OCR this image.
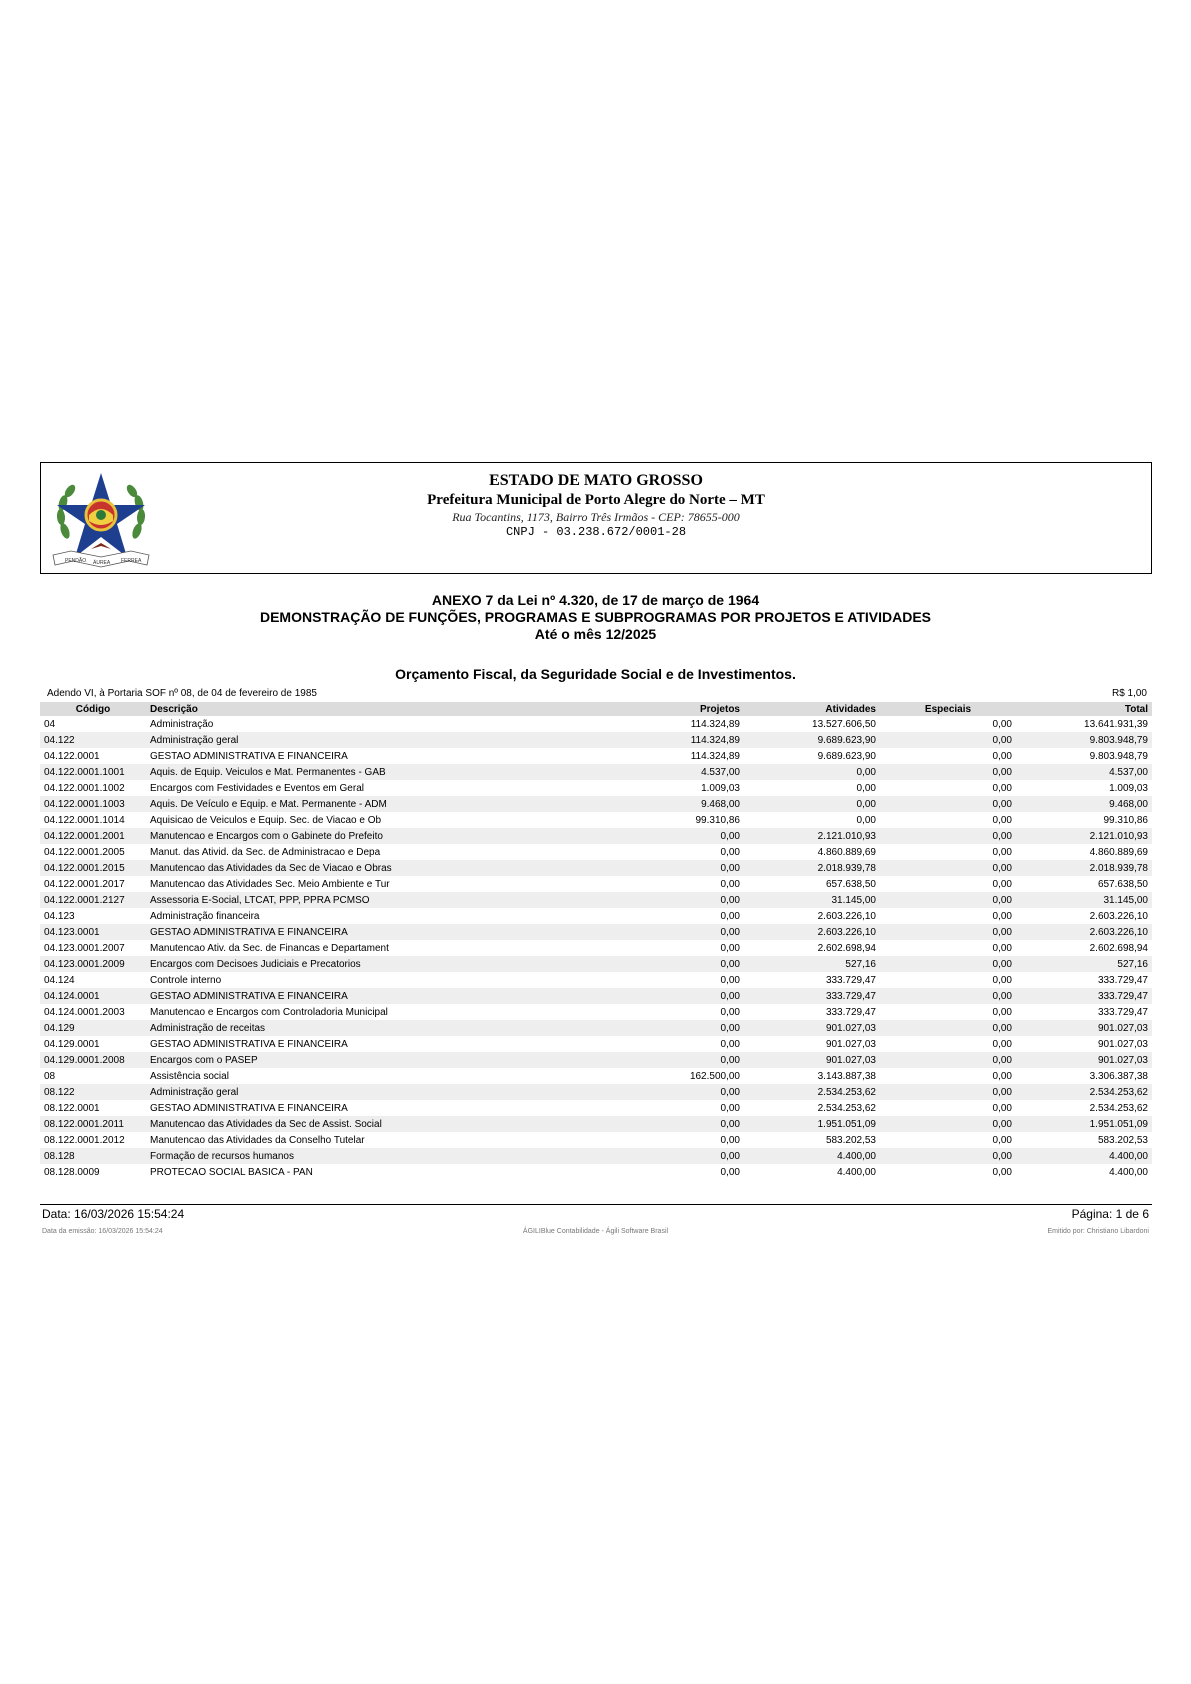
PENDÃO ÁUREA FERREA
ESTADO DE MATO GROSSO
Prefeitura Municipal de Porto Alegre do Norte – MT
Rua Tocantins, 1173, Bairro Três Irmãos - CEP: 78655-000
CNPJ - 03.238.672/0001-28
ANEXO 7 da Lei nº 4.320, de 17 de março de 1964
DEMONSTRAÇÃO DE FUNÇÕES, PROGRAMAS E SUBPROGRAMAS POR PROJETOS E ATIVIDADES
Até o mês 12/2025
Orçamento Fiscal, da Seguridade Social e de Investimentos.
Adendo VI, à Portaria SOF nº 08, de 04 de fevereiro de 1985	R$ 1,00
Código	Descrição	Projetos	Atividades	Especiais	Total
04	Administração	114.324,89	13.527.606,50	0,00	13.641.931,39
04.122	Administração geral	114.324,89	9.689.623,90	0,00	9.803.948,79
04.122.0001	GESTAO ADMINISTRATIVA E FINANCEIRA	114.324,89	9.689.623,90	0,00	9.803.948,79
04.122.0001.1001	Aquis. de Equip. Veiculos e Mat. Permanentes - GAB	4.537,00	0,00	0,00	4.537,00
04.122.0001.1002	Encargos com Festividades e Eventos em Geral	1.009,03	0,00	0,00	1.009,03
04.122.0001.1003	Aquis. De Veículo e Equip. e Mat. Permanente - ADM	9.468,00	0,00	0,00	9.468,00
04.122.0001.1014	Aquisicao de Veiculos e Equip. Sec. de Viacao e Ob	99.310,86	0,00	0,00	99.310,86
04.122.0001.2001	Manutencao e Encargos com o Gabinete do Prefeito	0,00	2.121.010,93	0,00	2.121.010,93
04.122.0001.2005	Manut. das Ativid. da Sec. de Administracao e Depa	0,00	4.860.889,69	0,00	4.860.889,69
04.122.0001.2015	Manutencao das Atividades da Sec de Viacao e Obras	0,00	2.018.939,78	0,00	2.018.939,78
04.122.0001.2017	Manutencao das Atividades Sec. Meio Ambiente e Tur	0,00	657.638,50	0,00	657.638,50
04.122.0001.2127	Assessoria E-Social, LTCAT, PPP, PPRA PCMSO	0,00	31.145,00	0,00	31.145,00
04.123	Administração financeira	0,00	2.603.226,10	0,00	2.603.226,10
04.123.0001	GESTAO ADMINISTRATIVA E FINANCEIRA	0,00	2.603.226,10	0,00	2.603.226,10
04.123.0001.2007	Manutencao Ativ. da Sec. de Financas e Departament	0,00	2.602.698,94	0,00	2.602.698,94
04.123.0001.2009	Encargos com Decisoes Judiciais e Precatorios	0,00	527,16	0,00	527,16
04.124	Controle interno	0,00	333.729,47	0,00	333.729,47
04.124.0001	GESTAO ADMINISTRATIVA E FINANCEIRA	0,00	333.729,47	0,00	333.729,47
04.124.0001.2003	Manutencao e Encargos com Controladoria Municipal	0,00	333.729,47	0,00	333.729,47
04.129	Administração de receitas	0,00	901.027,03	0,00	901.027,03
04.129.0001	GESTAO ADMINISTRATIVA E FINANCEIRA	0,00	901.027,03	0,00	901.027,03
04.129.0001.2008	Encargos com o PASEP	0,00	901.027,03	0,00	901.027,03
08	Assistência social	162.500,00	3.143.887,38	0,00	3.306.387,38
08.122	Administração geral	0,00	2.534.253,62	0,00	2.534.253,62
08.122.0001	GESTAO ADMINISTRATIVA E FINANCEIRA	0,00	2.534.253,62	0,00	2.534.253,62
08.122.0001.2011	Manutencao das Atividades da Sec de Assist. Social	0,00	1.951.051,09	0,00	1.951.051,09
08.122.0001.2012	Manutencao das Atividades da Conselho Tutelar	0,00	583.202,53	0,00	583.202,53
08.128	Formação de recursos humanos	0,00	4.400,00	0,00	4.400,00
08.128.0009	PROTECAO SOCIAL BASICA - PAN	0,00	4.400,00	0,00	4.400,00
Data: 16/03/2026 15:54:24	Página: 1 de 6
Data da emissão: 16/03/2026 15:54:24	ÁGILIBlue Contabilidade - Ágili Software Brasil	Emitido por: Christiano Libardoni
